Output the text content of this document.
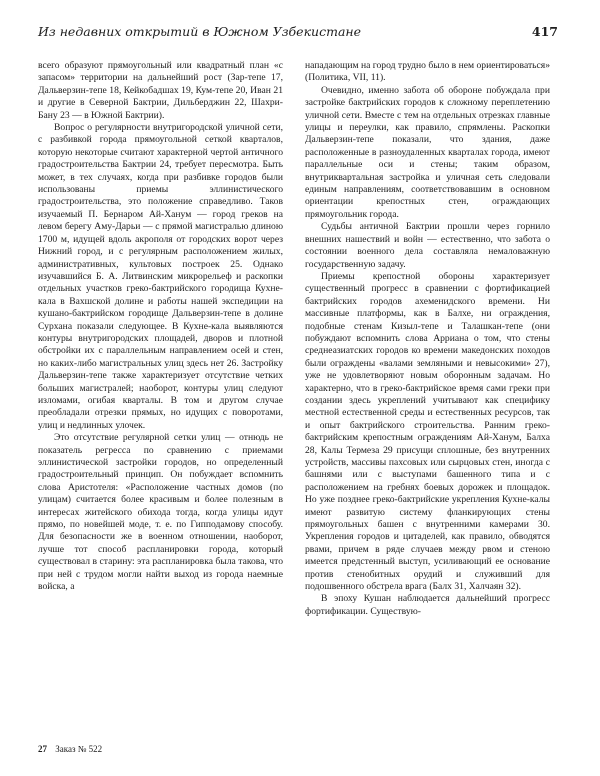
Из недавних открытий в Южном Узбекистане	417

всего образуют прямоугольный или квадратный план «с запасом» территории на дальнейший рост (Зар-тепе 17, Дальверзин-тепе 18, Кейкобадшах 19, Кум-тепе 20, Иван 21 и другие в Северной Бактрии, Дильберджин 22, Шахри-Бану 23 — в Южной Бактрии).

Вопрос о регулярности внутригородской уличной сети, с разбивкой города прямоугольной сеткой кварталов, которую некоторые считают характерной чертой античного градостроительства Бактрии 24, требует пересмотра. Быть может, в тех случаях, когда при разбивке городов были использованы приемы эллинистического градостроительства, это положение справедливо. Таков изучаемый П. Бернаром Ай-Ханум — город греков на левом берегу Аму-Дарьи — с прямой магистралью длиною 1700 м, идущей вдоль акрополя от городских ворот через Нижний город, и с регулярным расположением жилых, административных, культовых построек 25. Однако изучавшийся Б. А. Литвинским микрорельеф и раскопки отдельных участков греко-бактрийского городища Кухне-кала в Вахшской долине и работы нашей экспедиции на кушано-бактрийском городище Дальверзин-тепе в долине Сурхана показали следующее. В Кухне-кала выявляются контуры внутригородских площадей, дворов и плотной обстройки их с параллельным направлением осей и стен, но каких-либо магистральных улиц здесь нет 26. Застройку Дальверзин-тепе также характеризует отсутствие четких больших магистралей; наоборот, контуры улиц следуют изломами, огибая кварталы. В том и другом случае преобладали отрезки прямых, но идущих с поворотами, улиц и недлинных улочек.

Это отсутствие регулярной сетки улиц — отнюдь не показатель регресса по сравнению с приемами эллинистической застройки городов, но определенный градостроительный принцип. Он побуждает вспомнить слова Аристотеля: «Расположение частных домов (по улицам) считается более красивым и более полезным в интересах житейского обихода тогда, когда улицы идут прямо, по новейшей моде, т. е. по Гипподамову способу. Для безопасности же в военном отношении, наоборот, лучше тот способ распланировки города, который существовал в старину: эта распланировка была такова, что при ней с трудом могли найти выход из города наемные войска, а

нападающим на город трудно было в нем ориентироваться» (Политика, VII, 11).

Очевидно, именно забота об обороне побуждала при застройке бактрийских городов к сложному переплетению уличной сети. Вместе с тем на отдельных отрезках главные улицы и переулки, как правило, спрямлены. Раскопки Дальверзин-тепе показали, что здания, даже расположенные в разноудаленных кварталах города, имеют параллельные оси и стены; таким образом, внутриквартальная застройка и уличная сеть следовали единым направлениям, соответствовавшим в основном ориентации крепостных стен, ограждающих прямоугольник города.

Судьбы античной Бактрии прошли через горнило внешних нашествий и войн — естественно, что забота о состоянии военного дела составляла немаловажную государственную задачу.

Приемы крепостной обороны характеризует существенный прогресс в сравнении с фортификацией бактрийских городов ахеменидского времени. Ни массивные платформы, как в Балхе, ни ограждения, подобные стенам Кизыл-тепе и Талашкан-тепе (они побуждают вспомнить слова Арриана о том, что стены среднеазиатских городов ко времени македонских походов были ограждены «валами земляными и невысокими» 27), уже не удовлетворяют новым оборонным задачам. Но характерно, что в греко-бактрийское время сами греки при создании здесь укреплений учитывают как специфику местной естественной среды и естественных ресурсов, так и опыт бактрийского строительства. Ранним греко-бактрийским крепостным ограждениям Ай-Ханум, Балха 28, Калы Термеза 29 присущи сплошные, без внутренних устройств, массивы пахсовых или сырцовых стен, иногда с башнями или с выступами башенного типа и с расположением на гребнях боевых дорожек и площадок. Но уже позднее греко-бактрийские укрепления Кухне-калы имеют развитую систему фланкирующих стены прямоугольных башен с внутренними камерами 30. Укрепления городов и цитаделей, как правило, обводятся рвами, причем в ряде случаев между рвом и стеною имеется предстенный выступ, усиливающий ее основание против стенобитных орудий и служивший для подошвенного обстрела врага (Балх 31, Халчаян 32).

В эпоху Кушан наблюдается дальнейший прогресс фортификации. Существую-

27 Заказ № 522
